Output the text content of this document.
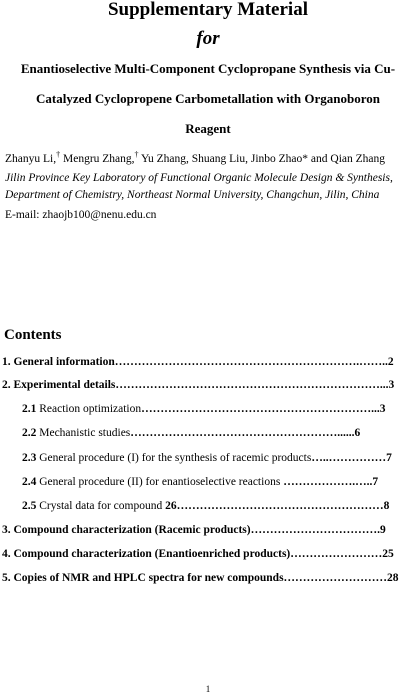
Supplementary Material
for
Enantioselective Multi-Component Cyclopropane Synthesis via Cu-
Catalyzed Cyclopropene Carbometallation with Organoboron
Reagent
Zhanyu Li,† Mengru Zhang,† Yu Zhang, Shuang Liu, Jinbo Zhao* and Qian Zhang
Jilin Province Key Laboratory of Functional Organic Molecule Design & Synthesis,
Department of Chemistry, Northeast Normal University, Changchun, Jilin, China
E-mail: zhaojb100@nenu.edu.cn
Contents
1. General information……………………………………………………….……..2
2. Experimental details……………………………………………………………...3
2.1 Reaction optimization……………………………………………………...3
2.2 Mechanistic studies………………………………………………......6
2.3 General procedure (I) for the synthesis of racemic products…..……………7
2.4 General procedure (II) for enantioselective reactions ……………….…..7
2.5 Crystal data for compound 26………………………………………………8
3. Compound characterization (Racemic products)…………………………….9
4. Compound characterization (Enantioenriched products)……………………25
5. Copies of NMR and HPLC spectra for new compounds………………………28
1
